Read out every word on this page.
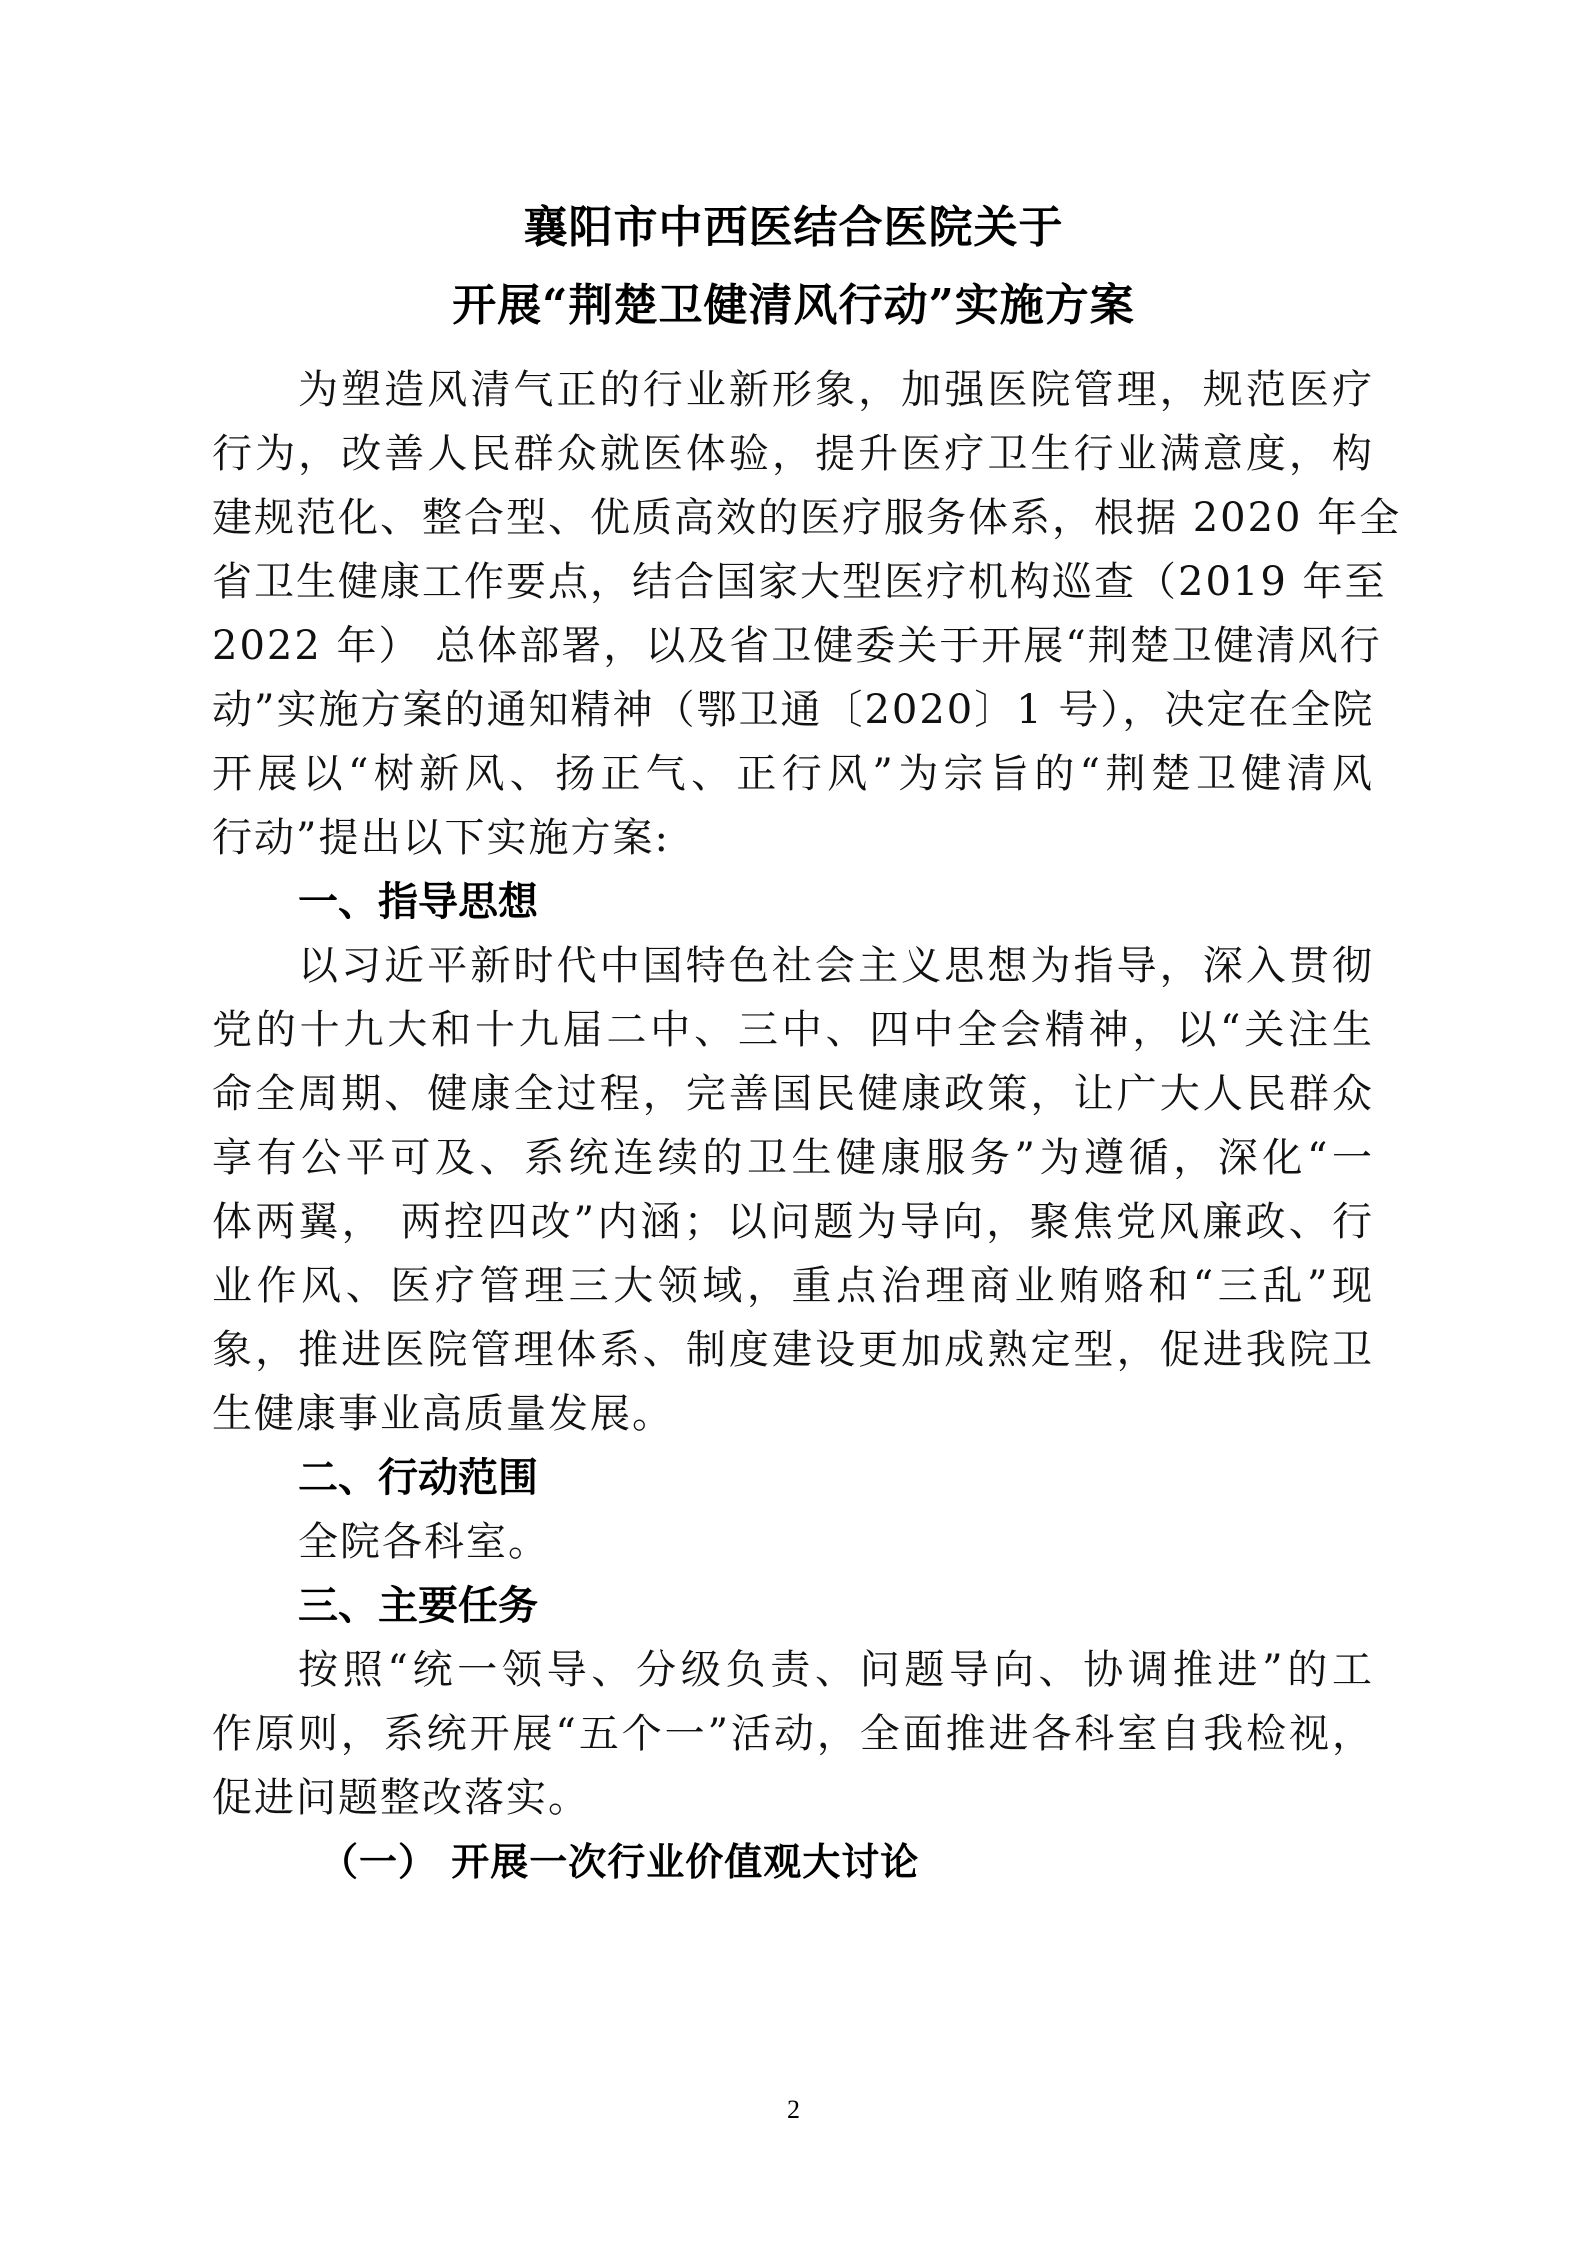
襄阳市中西医结合医院关于
开展“荆楚卫健清风行动”实施方案
为塑造风清气正的行业新形象，加强医院管理，规范医疗
行为，改善人民群众就医体验，提升医疗卫生行业满意度，构
建规范化、整合型、优质高效的医疗服务体系，根据 2020 年全
省卫生健康工作要点，结合国家大型医疗机构巡查（2019 年至
2022 年） 总体部署，以及省卫健委关于开展“荆楚卫健清风行
动”实施方案的通知精神（鄂卫通〔2020〕1 号），决定在全院
开展以“树新风、扬正气、正行风”为宗旨的“荆楚卫健清风
行动”提出以下实施方案:
一、指导思想
以习近平新时代中国特色社会主义思想为指导，深入贯彻
党的十九大和十九届二中、三中、四中全会精神，以“关注生
命全周期、健康全过程，完善国民健康政策，让广大人民群众
享有公平可及、系统连续的卫生健康服务”为遵循，深化“一
体两翼， 两控四改”内涵；以问题为导向，聚焦党风廉政、行
业作风、医疗管理三大领域，重点治理商业贿赂和“三乱”现
象，推进医院管理体系、制度建设更加成熟定型，促进我院卫
生健康事业高质量发展。
二、行动范围
全院各科室。
三、主要任务
按照“统一领导、分级负责、问题导向、协调推进”的工
作原则，系统开展“五个一”活动，全面推进各科室自我检视，
促进问题整改落实。
（一） 开展一次行业价值观大讨论
2
